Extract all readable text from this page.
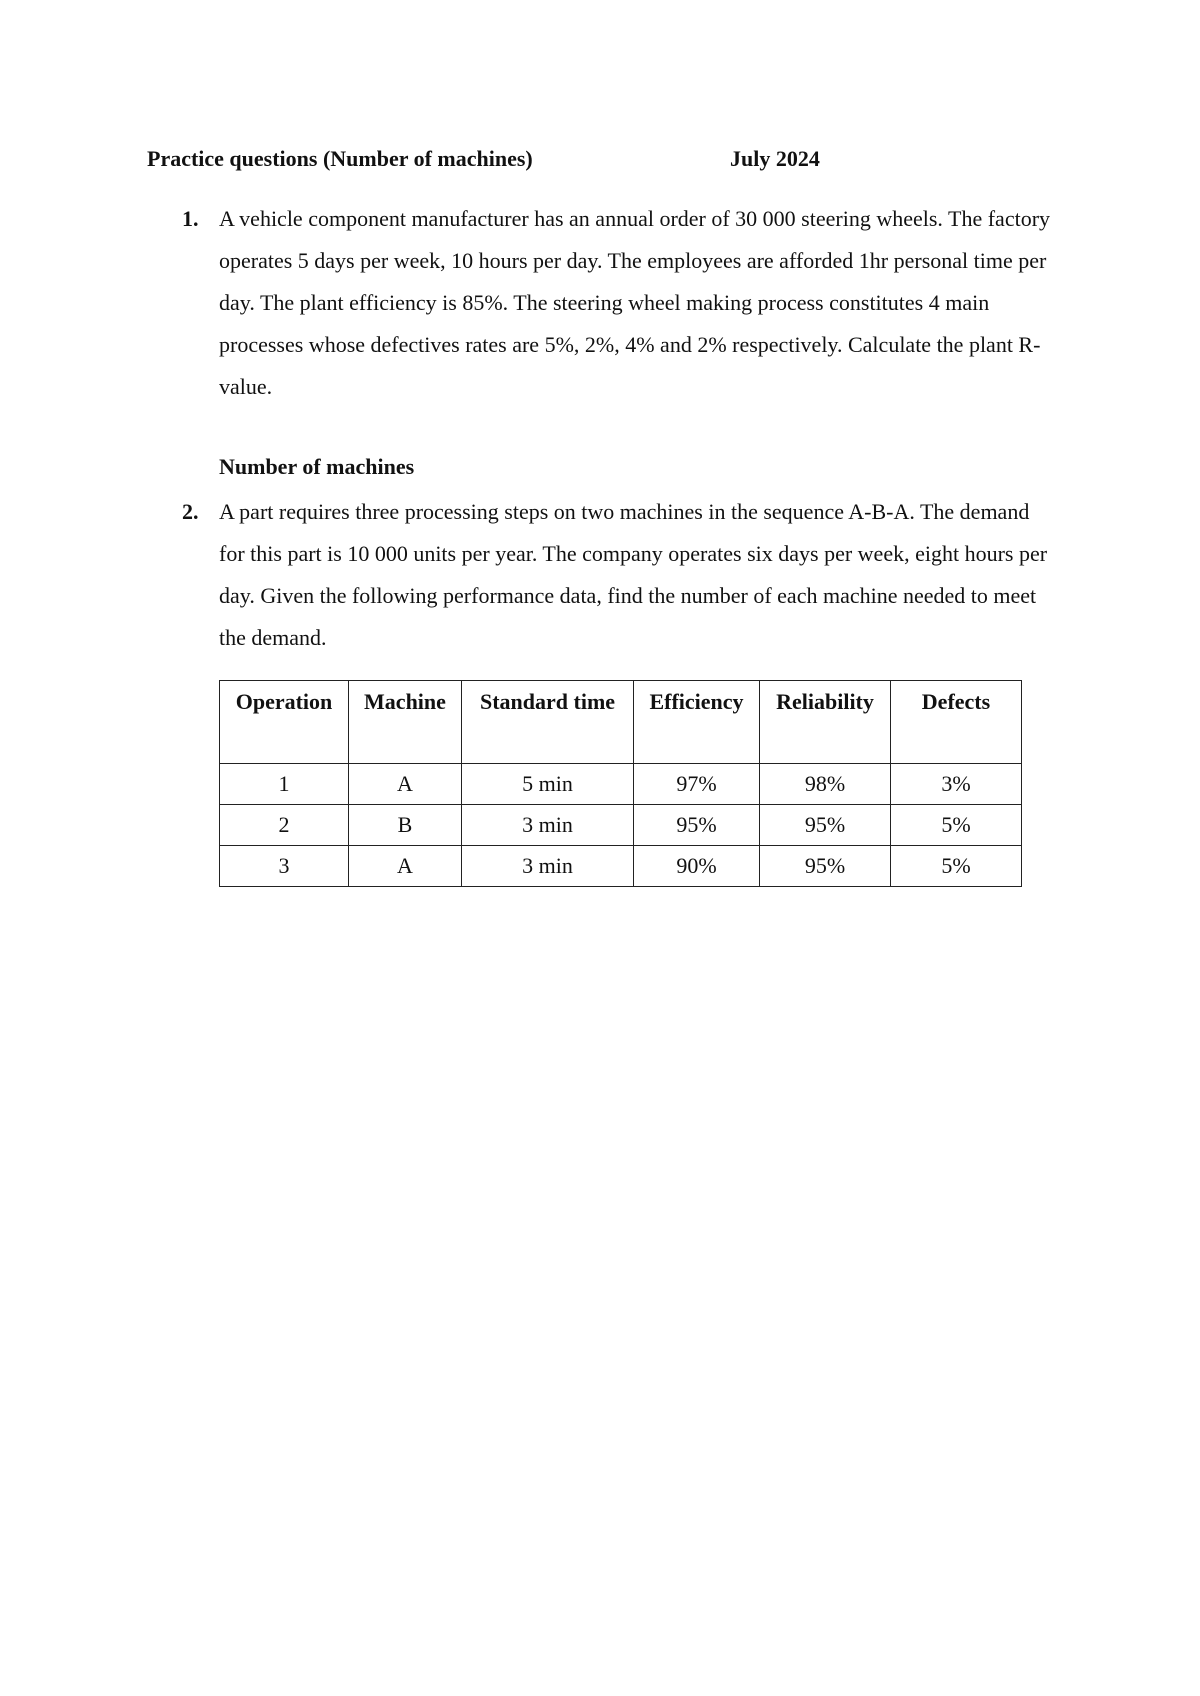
Practice questions (Number of machines)	July 2024
1. A vehicle component manufacturer has an annual order of 30 000 steering wheels. The factory operates 5 days per week, 10 hours per day. The employees are afforded 1hr personal time per day. The plant efficiency is 85%. The steering wheel making process constitutes 4 main processes whose defectives rates are 5%, 2%, 4% and 2% respectively. Calculate the plant R-value.
Number of machines
2. A part requires three processing steps on two machines in the sequence A-B-A. The demand for this part is 10 000 units per year. The company operates six days per week, eight hours per day. Given the following performance data, find the number of each machine needed to meet the demand.
Operation	Machine	Standard time	Efficiency	Reliability	Defects
1	A	5 min	97%	98%	3%
2	B	3 min	95%	95%	5%
3	A	3 min	90%	95%	5%
